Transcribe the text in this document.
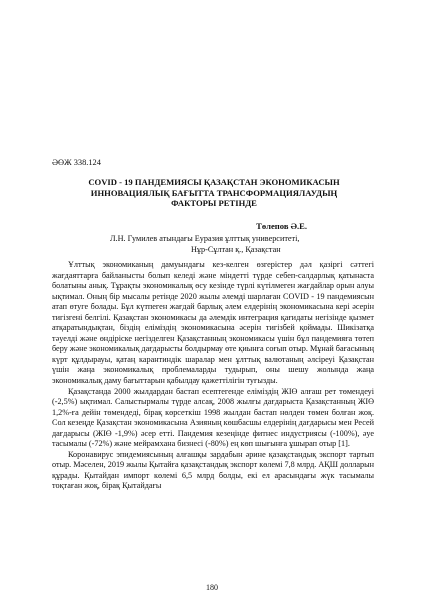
ӘӨЖ 338.124
COVID - 19 ПАНДЕМИЯСЫ ҚАЗАҚСТАН ЭКОНОМИКАСЫН
ИННОВАЦИЯЛЫҚ БАҒЫТТА ТРАНСФОРМАЦИЯЛАУДЫҢ
ФАКТОРЫ РЕТІНДЕ
Төлепов Ә.Е.
Л.Н. Гумилев атындағы Еуразия ұлттық университеті,
Нұр-Сұлтан қ., Қазақстан

Ұлттық экономиканың дамуындағы кез-келген өзгерістер дәл қазіргі сәттегі жағдаяттарға байланысты болып келеді және міндетті түрде себеп-салдарлық қатынаста болатыны анық. Тұрақты экономикалық өсу кезінде түрлі күтілмеген жағдайлар орын алуы ықтимал. Оның бір мысалы ретінде 2020 жылы әлемді шарлаған COVID - 19 пандемиясын атап өтуге болады. Бұл күтпеген жағдай барлық әлем елдерінің экономикасына кері әсерін тигізгені белгілі. Қазақстан экономикасы да әлемдік интеграция қағидаты негізінде қызмет атқаратындықтан, біздің еліміздің экономикасына әсерін тигізбей қоймады. Шикізатқа тәуелді және өндіріске негізделген Қазақстанның экономикасы үшін бұл пандемияға төтеп беру және экономикалық дағдарысты болдырмау өте қиынға соғып отыр. Мұнай бағасының күрт құлдырауы, қатаң карантиндік шаралар мен ұлттық валютаның әлсіреуі Қазақстан үшін жаңа экономикалық проблемаларды тудырып, оны шешу жолында жаңа экономикалық даму бағыттарын қабылдау қажеттілігін туғызды.

Қазақстанда 2000 жылдардан бастап есептегенде еліміздің ЖІӨ алғаш рет төмендеуі (-2,5%) ықтимал. Салыстырмалы түрде алсақ, 2008 жылғы дағдарыста Қазақстанның ЖІӨ 1,2%-ға дейін төмендеді, бірақ көрсеткіш 1998 жылдан бастап нөлден төмен болған жоқ. Сол кезеңде Қазақстан экономикасына Азияның көшбасшы елдерінің дағдарысы мен Ресей дағдарысы (ЖІӨ -1,9%) әсер етті. Пандемия кезеңінде фитнес индустриясы (-100%), әуе тасымалы (-72%) және мейрамхана бизнесі (-80%) ең көп шығынға ұшырап отыр [1].

Коронавирус эпидемиясының алғашқы зардабын әрине қазақстандық экспорт тартып отыр. Мәселен, 2019 жылы Қытайға қазақстандық экспорт көлемі 7,8 млрд. АҚШ долларын құрады. Қытайдан импорт көлемі 6,5 млрд болды, екі ел арасындағы жүк тасымалы тоқтаған жоқ, бірақ Қытайдағы

180
